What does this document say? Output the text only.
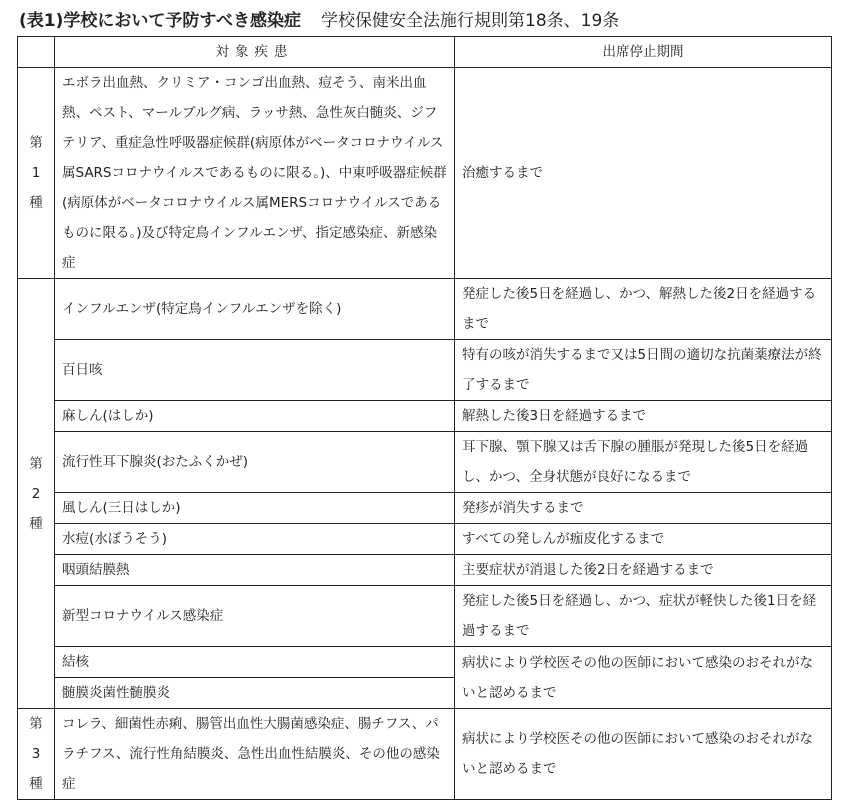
(表1)学校において予防すべき感染症 学校保健安全法施行規則第18条、19条
	対象疾患	出席停止期間

第
1
種	エボラ出血熱、クリミア・コンゴ出血熱、痘そう、南米出血熱、ペスト、マールブルグ病、ラッサ熱、急性灰白髄炎、ジフテリア、重症急性呼吸器症候群(病原体がベータコロナウイルス属SARSコロナウイルスであるものに限る。)、中東呼吸器症候群(病原体がベータコロナウイルス属MERSコロナウイルスであるものに限る。)及び特定鳥インフルエンザ、指定感染症、新感染症	治癒するまで

第
2
種	インフルエンザ(特定鳥インフルエンザを除く)	発症した後5日を経過し、かつ、解熱した後2日を経過するまで
	百日咳	特有の咳が消失するまで又は5日間の適切な抗菌薬療法が終了するまで
	麻しん(はしか)	解熱した後3日を経過するまで
	流行性耳下腺炎(おたふくかぜ)	耳下腺、顎下腺又は舌下腺の腫脹が発現した後5日を経過し、かつ、全身状態が良好になるまで
	風しん(三日はしか)	発疹が消失するまで
	水痘(水ぼうそう)	すべての発しんが痂皮化するまで
	咽頭結膜熱	主要症状が消退した後2日を経過するまで
	新型コロナウイルス感染症	発症した後5日を経過し、かつ、症状が軽快した後1日を経過するまで
	結核	病状により学校医その他の医師において感染のおそれがないと認めるまで
	髄膜炎菌性髄膜炎	

第
3
種	コレラ、細菌性赤痢、腸管出血性大腸菌感染症、腸チフス、パラチフス、流行性角結膜炎、急性出血性結膜炎、その他の感染症	病状により学校医その他の医師において感染のおそれがないと認めるまで
